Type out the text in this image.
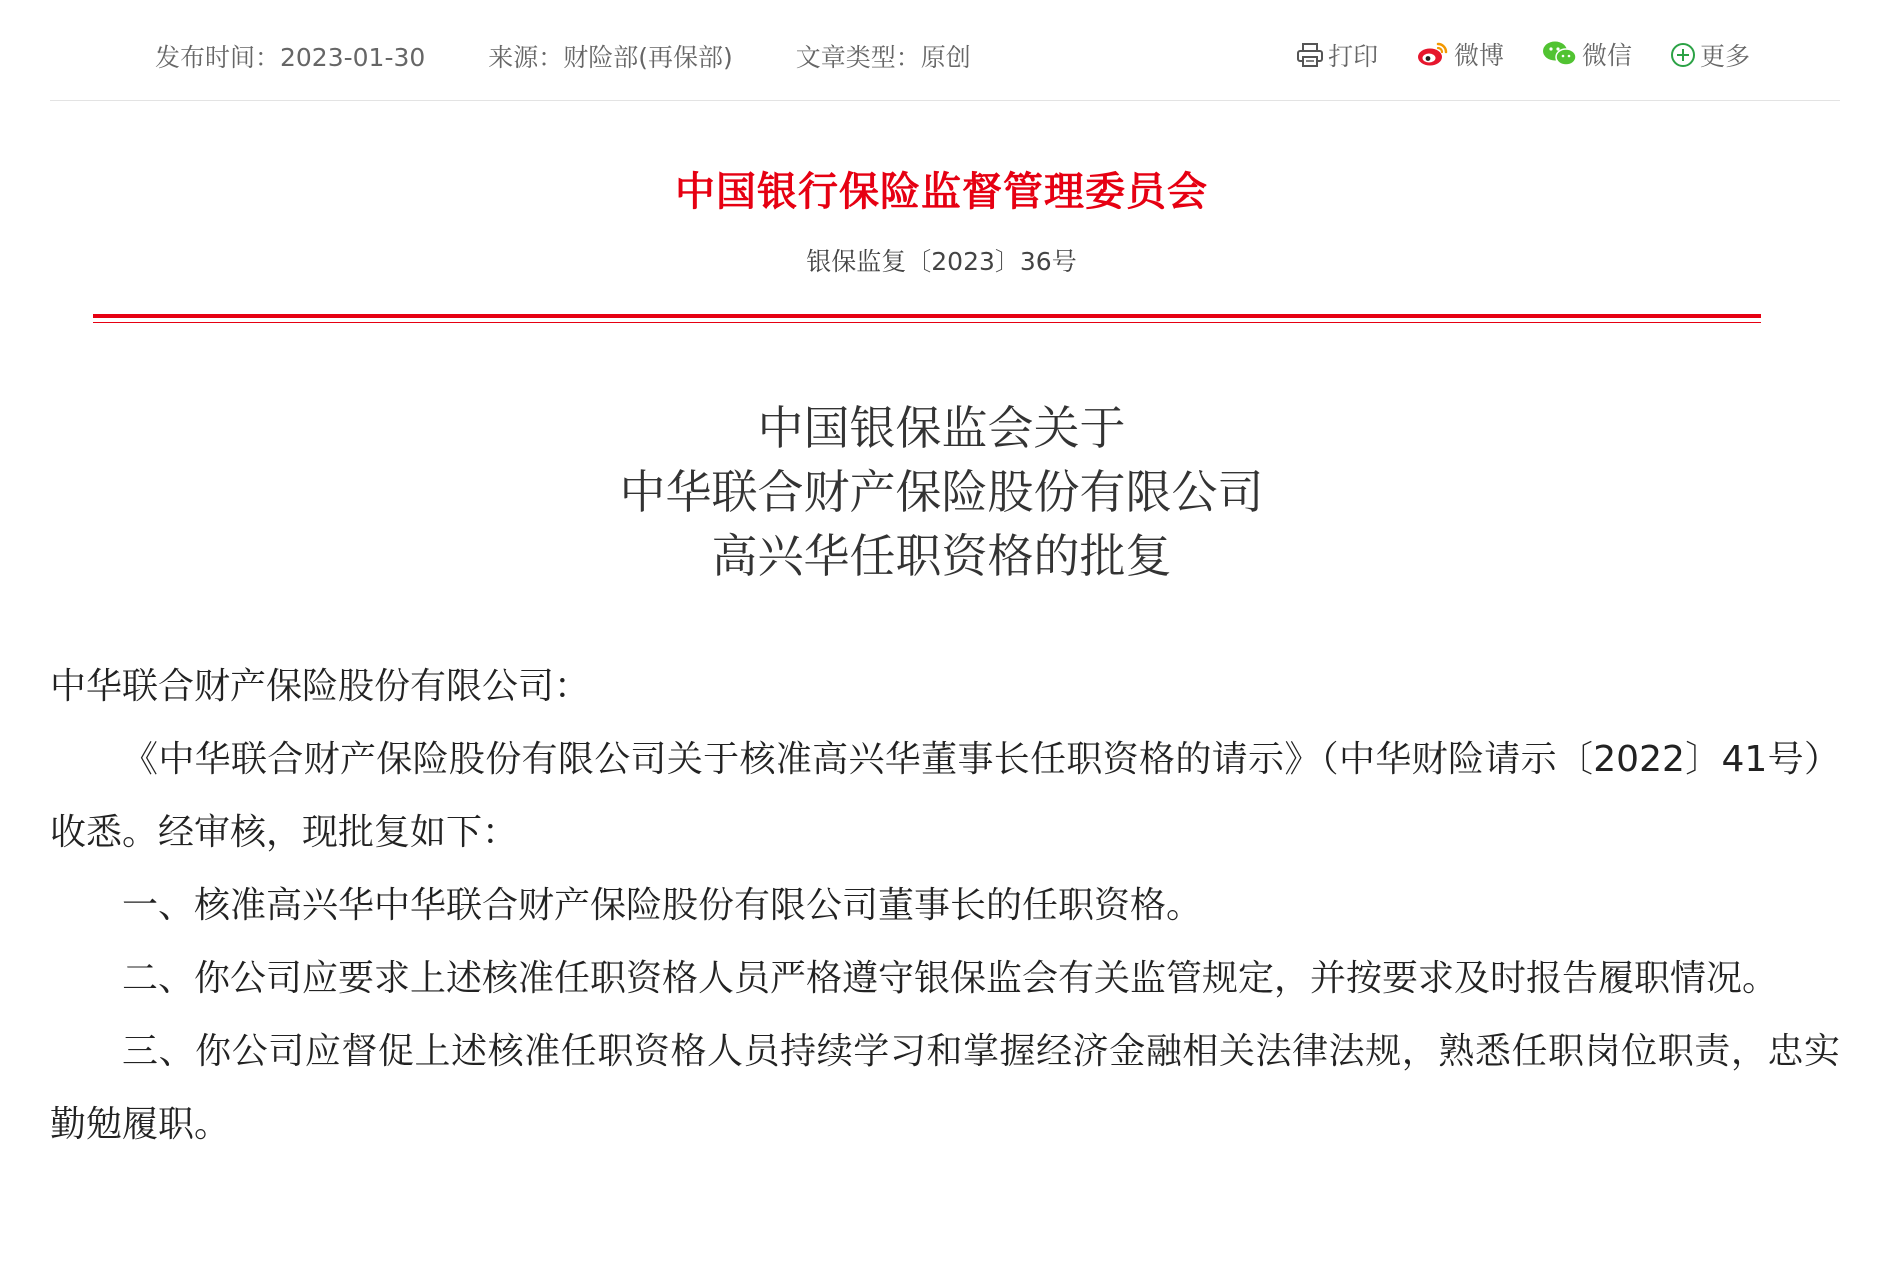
发布时间：2023-01-30	来源：财险部(再保部)	文章类型：原创	打印
	微博
	微信
	更多
中国银行保险监督管理委员会
银保监复〔2023〕36号
中国银保监会关于
中华联合财产保险股份有限公司
高兴华任职资格的批复

中华联合财产保险股份有限公司：

《中华联合财产保险股份有限公司关于核准高兴华董事长任职资格的请示》（中华财险请示〔2022〕41号）收悉。经审核，现批复如下：

一、核准高兴华中华联合财产保险股份有限公司董事长的任职资格。

二、你公司应要求上述核准任职资格人员严格遵守银保监会有关监管规定，并按要求及时报告履职情况。

三、你公司应督促上述核准任职资格人员持续学习和掌握经济金融相关法律法规，熟悉任职岗位职责，忠实勤勉履职。
